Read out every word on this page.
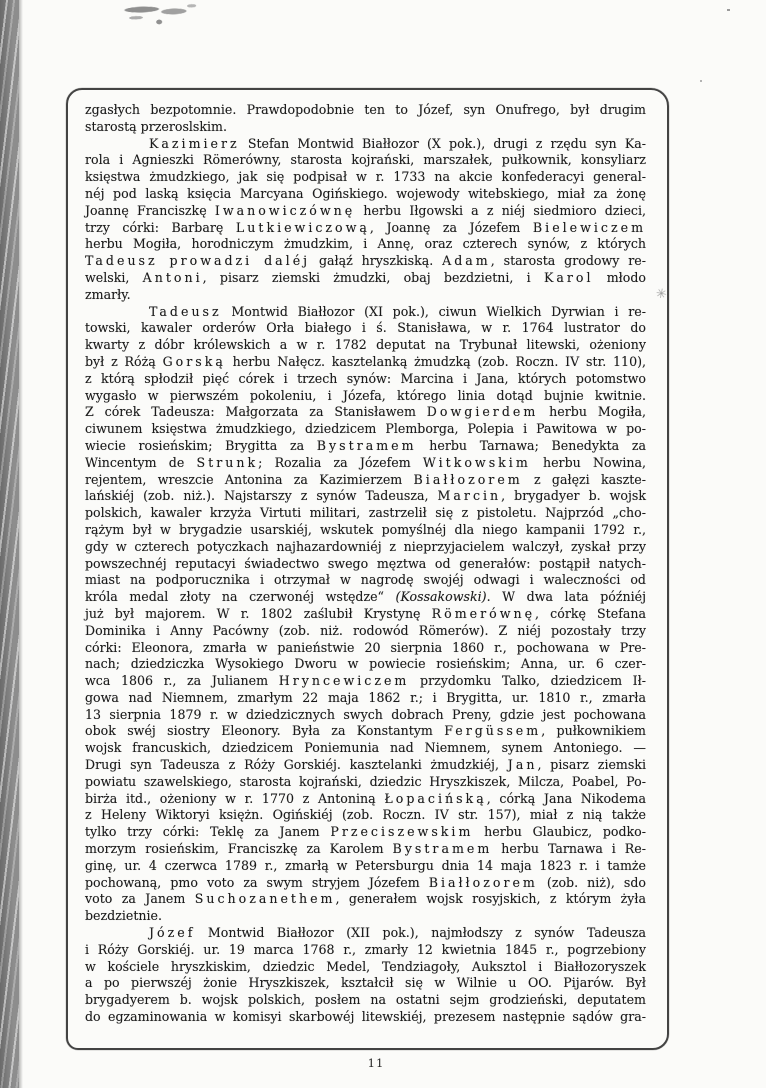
✳
zgasłych bezpotomnie. Prawdopodobnie ten to Józef, syn Onufrego, był drugim
starostą przeroslskim.
Kazimierz Stefan Montwid Białłozor (X pok.), drugi z rzędu syn Ka-
rola i Agnieszki Römerówny, starosta kojrański, marszałek, pułkownik, konsyliarz
księstwa żmudzkiego, jak się podpisał w r. 1733 na akcie konfederacyi general-
néj pod laską księcia Marcyana Ogińskiego. wojewody witebskiego, miał za żonę
Joannę Franciszkę Iwanowiczównę herbu Iłgowski a z niéj siedmioro dzieci,
trzy córki: Barbarę Lutkiewiczową, Joannę za Józefem Bielewiczem
herbu Mogiła, horodniczym żmudzkim, i Annę, oraz czterech synów, z których
Tadeusz prowadzi daléj gałąź hryszkiską. Adam, starosta grodowy re-
welski, Antoni, pisarz ziemski żmudzki, obaj bezdzietni, i Karol młodo
zmarły.
Tadeusz Montwid Białłozor (XI pok.), ciwun Wielkich Dyrwian i re-
towski, kawaler orderów Orła białego i ś. Stanisława, w r. 1764 lustrator do
kwarty z dóbr królewskich a w r. 1782 deputat na Trybunał litewski, ożeniony
był z Różą Gorską herbu Nałęcz. kasztelanką żmudzką (zob. Roczn. IV str. 110),
z którą spłodził pięć córek i trzech synów: Marcina i Jana, których potomstwo
wygasło w pierwszém pokoleniu, i Józefa, którego linia dotąd bujnie kwitnie.
Z córek Tadeusza: Małgorzata za Stanisławem Dowgierdem herbu Mogiła,
ciwunem księstwa żmudzkiego, dziedzicem Plemborga, Polepia i Pawitowa w po-
wiecie rosieńskim; Brygitta za Bystramem herbu Tarnawa; Benedykta za
Wincentym de Strunk; Rozalia za Józefem Witkowskim herbu Nowina,
rejentem, wreszcie Antonina za Kazimierzem Białłozorem z gałęzi kaszte-
lańskiéj (zob. niż.). Najstarszy z synów Tadeusza, Marcin, brygadyer b. wojsk
polskich, kawaler krzyża Virtuti militari, zastrzelił się z pistoletu. Najprzód „cho-
rążym był w brygadzie usarskiéj, wskutek pomyślnéj dla niego kampanii 1792 r.,
gdy w czterech potyczkach najhazardowniéj z nieprzyjacielem walczył, zyskał przy
powszechnéj reputacyi świadectwo swego męztwa od generałów: postąpił natych-
miast na podporucznika i otrzymał w nagrodę swojéj odwagi i waleczności od
króla medal złoty na czerwonéj wstędze“ (Kossakowski). W dwa lata późniéj
już był majorem. W r. 1802 zaślubił Krystynę Römerównę, córkę Stefana
Dominika i Anny Pacówny (zob. niż. rodowód Römerów). Z niéj pozostały trzy
córki: Eleonora, zmarła w panieństwie 20 sierpnia 1860 r., pochowana w Pre-
nach; dziedziczka Wysokiego Dworu w powiecie rosieńskim; Anna, ur. 6 czer-
wca 1806 r., za Julianem Hryncewiczem przydomku Talko, dziedzicem Ił-
gowa nad Niemnem, zmarłym 22 maja 1862 r.; i Brygitta, ur. 1810 r., zmarła
13 sierpnia 1879 r. w dziedzicznych swych dobrach Preny, gdzie jest pochowana
obok swéj siostry Eleonory. Była za Konstantym Fergüssem, pułkownikiem
wojsk francuskich, dziedzicem Poniemunia nad Niemnem, synem Antoniego. —
Drugi syn Tadeusza z Róży Gorskiéj. kasztelanki żmudzkiéj, Jan, pisarz ziemski
powiatu szawelskiego, starosta kojrański, dziedzic Hryszkiszek, Milcza, Poabel, Po-
birża itd., ożeniony w r. 1770 z Antoniną Łopacińską, córką Jana Nikodema
z Heleny Wiktoryi księżn. Ogińskiéj (zob. Roczn. IV str. 157), miał z nią także
tylko trzy córki: Teklę za Janem Przeciszewskim herbu Glaubicz, podko-
morzym rosieńskim, Franciszkę za Karolem Bystramem herbu Tarnawa i Re-
ginę, ur. 4 czerwca 1789 r., zmarłą w Petersburgu dnia 14 maja 1823 r. i tamże
pochowaną, pmo voto za swym stryjem Józefem Białłozorem (zob. niż), sdo
voto za Janem Suchozanethem, generałem wojsk rosyjskich, z którym żyła
bezdzietnie.
Józef Montwid Białłozor (XII pok.), najmłodszy z synów Tadeusza
i Róży Gorskiéj. ur. 19 marca 1768 r., zmarły 12 kwietnia 1845 r., pogrzebiony
w kościele hryszkiskim, dziedzic Medel, Tendziagoły, Auksztol i Białłozoryszek
a po pierwszéj żonie Hryszkiszek, kształcił się w Wilnie u OO. Pijarów. Był
brygadyerem b. wojsk polskich, posłem na ostatni sejm grodzieński, deputatem
do egzaminowania w komisyi skarbowéj litewskiéj, prezesem następnie sądów gra-
11
